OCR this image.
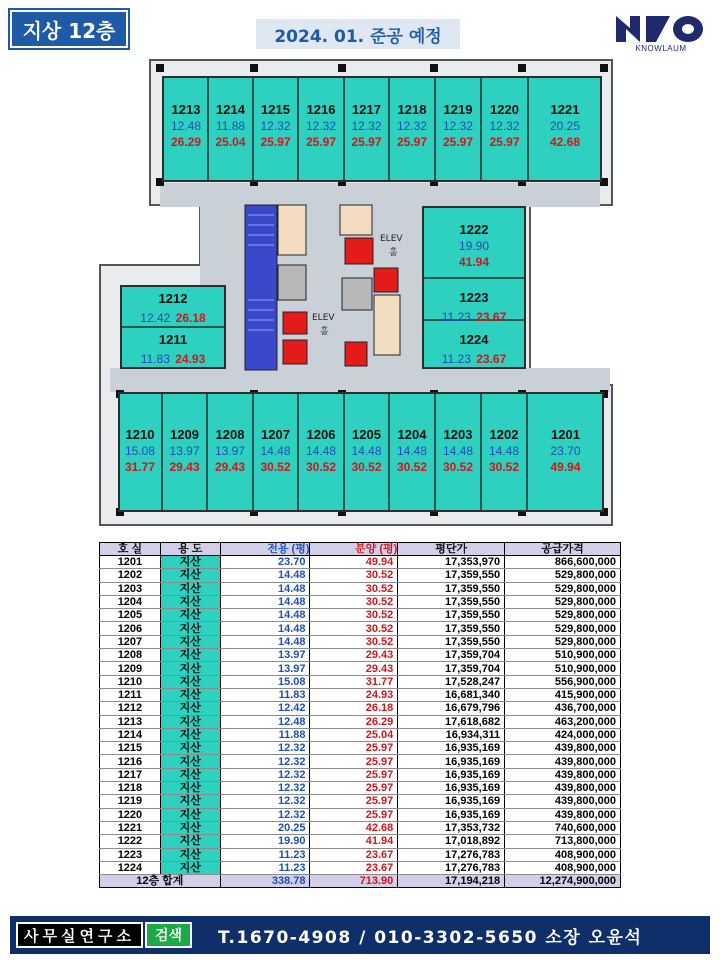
지상 12층	2024. 01. 준공 예정
KNOWLAUM
ELEV
홀
ELEV
홀
1213
12.48
26.29
1214
11.88
25.04
1215
12.32
25.97
1216
12.32
25.97
1217
12.32
25.97
1218
12.32
25.97
1219
12.32
25.97
1220
12.32
25.97
1221
20.25
42.68
1222
19.90
41.94
1223
11.23 23.67
1224
11.23 23.67
1212
12.42 26.18
1211
11.83 24.93
1210
15.08
31.77
1209
13.97
29.43
1208
13.97
29.43
1207
14.48
30.52
1206
14.48
30.52
1205
14.48
30.52
1204
14.48
30.52
1203
14.48
30.52
1202
14.48
30.52
1201
23.70
49.94
호 실	용 도	전용 (평)	분양 (평)	평단가	공급가격
1201	지산	23.70	49.94	17,353,970	866,600,000
1202	지산	14.48	30.52	17,359,550	529,800,000
1203	지산	14.48	30.52	17,359,550	529,800,000
1204	지산	14.48	30.52	17,359,550	529,800,000
1205	지산	14.48	30.52	17,359,550	529,800,000
1206	지산	14.48	30.52	17,359,550	529,800,000
1207	지산	14.48	30.52	17,359,550	529,800,000
1208	지산	13.97	29.43	17,359,704	510,900,000
1209	지산	13.97	29.43	17,359,704	510,900,000
1210	지산	15.08	31.77	17,528,247	556,900,000
1211	지산	11.83	24.93	16,681,340	415,900,000
1212	지산	12.42	26.18	16,679,796	436,700,000
1213	지산	12.48	26.29	17,618,682	463,200,000
1214	지산	11.88	25.04	16,934,311	424,000,000
1215	지산	12.32	25.97	16,935,169	439,800,000
1216	지산	12.32	25.97	16,935,169	439,800,000
1217	지산	12.32	25.97	16,935,169	439,800,000
1218	지산	12.32	25.97	16,935,169	439,800,000
1219	지산	12.32	25.97	16,935,169	439,800,000
1220	지산	12.32	25.97	16,935,169	439,800,000
1221	지산	20.25	42.68	17,353,732	740,600,000
1222	지산	19.90	41.94	17,018,892	713,800,000
1223	지산	11.23	23.67	17,276,783	408,900,000
1224	지산	11.23	23.67	17,276,783	408,900,000
12층 합계		338.78	713.90	17,194,218	12,274,900,000
사무실연구소	검색	T.1670-4908 / 010-3302-5650 소장 오윤석
